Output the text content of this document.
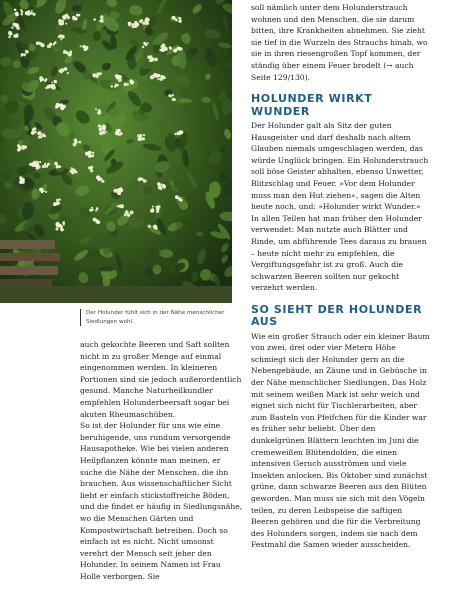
Der Holunder fühlt sich in der Nähe menschlicher Siedlungen wohl.

auch gekochte Beeren und Saft sollten nicht in zu großer Menge auf einmal eingenommen werden. In kleineren Portionen sind sie jedoch außerordentlich gesund. Manche Naturheilkundler empfehlen Holunderbeersaft sogar bei akuten Rheumaschüben.

So ist der Holunder für uns wie eine beruhigende, uns rundum versorgende Hausapotheke. Wie bei vielen anderen Heilpflanzen könnte man meinen, er suche die Nähe der Menschen, die ihn brauchen. Aus wissenschaftlicher Sicht liebt er einfach stickstoffreiche Böden, und die findet er häufig in Siedlungsnähe, wo die Menschen Gärten und Kompostwirtschaft betreiben. Doch so einfach ist es nicht. Nicht umsonst verehrt der Mensch seit jeher den Holunder. In seinem Namen ist Frau Holle verborgen. Sie

soll nämlich unter dem Holunderstrauch wohnen und den Menschen, die sie darum bitten, ihre Krankheiten abnehmen. Sie zieht sie tief in die Wurzeln des Strauchs hinab, wo sie in ihren riesengroßen Topf kommen, der ständig über einem Feuer brodelt (→ auch Seite 129/130).

HOLUNDER WIRKT WUNDER

Der Holunder galt als Sitz der guten Hausgeister und darf deshalb nach altem Glauben niemals umgeschlagen werden, das würde Unglück bringen. Ein Holunderstrauch soll böse Geister abhalten, ebenso Unwetter, Blitzschlag und Feuer. »Vor dem Holunder muss man den Hut ziehen«, sagen die Alten heute noch, und: »Holunder wirkt Wunder.« In allen Teilen hat man früher den Holunder verwendet: Man nutzte auch Blätter und Rinde, um abführende Tees daraus zu brauen – heute nicht mehr zu empfehlen, die Vergiftungsgefahr ist zu groß. Auch die schwarzen Beeren sollten nur gekocht verzehrt werden.

SO SIEHT DER HOLUNDER AUS

Wie ein großer Strauch oder ein kleiner Baum von zwei, drei oder vier Metern Höhe schmiegt sich der Holunder gern an die Nebengebäude, an Zäune und in Gebüsche in der Nähe menschlicher Siedlungen. Das Holz mit seinem weißen Mark ist sehr weich und eignet sich nicht für Tischlerarbeiten, aber zum Basteln von Pfeifchen für die Kinder war es früher sehr beliebt. Über den dunkelgrünen Blättern leuchten im Juni die cremeweißen Blütendolden, die einen intensiven Geruch ausströmen und viele Insekten anlocken. Bis Oktober sind zunächst grüne, dann schwarze Beeren aus den Blüten geworden. Man muss sie sich mit den Vögeln teilen, zu deren Leibspeise die saftigen Beeren gehören und die für die Verbreitung des Holunders sorgen, indem sie nach dem Festmahl die Samen wieder ausscheiden.
